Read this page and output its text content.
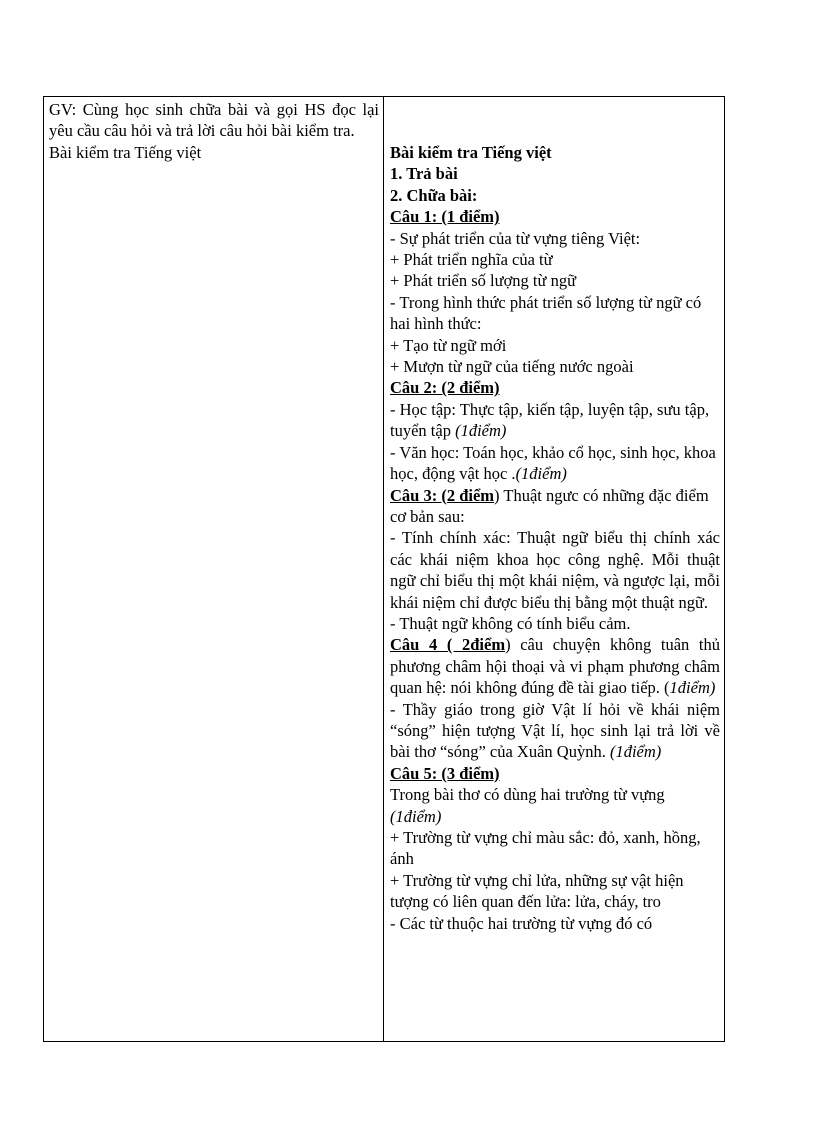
GV: Cùng học sinh chữa bài và gọi HS đọc lại yêu cầu câu hỏi và trả lời câu hỏi bài kiểm tra.

Bài kiểm tra Tiếng việt	Bài kiểm tra Tiếng việt

1. Trả bài

2. Chữa bài:

Câu 1: (1 điểm)

- Sự phát triển của từ vựng tiêng Việt:

+ Phát triển nghĩa của từ

+ Phát triển số lượng từ ngữ

- Trong hình thức phát triển số lượng từ ngữ có hai hình thức:

+ Tạo từ ngữ mới

+ Mượn từ ngữ của tiếng nước ngoài

Câu 2: (2 điểm)

- Học tập: Thực tập, kiến tập, luyện tập, sưu tập, tuyển tập (1điểm)

- Văn học: Toán học, khảo cổ học, sinh học, khoa học, động vật học .(1điểm)

Câu 3: (2 điểm) Thuật ngưc có những đặc điểm cơ bản sau:

- Tính chính xác: Thuật ngữ biểu thị chính xác các khái niệm khoa học công nghệ. Mỗi thuật ngữ chỉ biểu thị một khái niệm, và ngược lại, mỗi khái niệm chỉ được biểu thị bằng một thuật ngữ.

- Thuật ngữ không có tính biểu cảm.

Câu 4 ( 2điểm) câu chuyện không tuân thủ phương châm hội thoại và vi phạm phương châm quan hệ: nói không đúng đề tài giao tiếp. (1điểm)

- Thầy giáo trong giờ Vật lí hỏi về khái niệm “sóng” hiện tượng Vật lí, học sinh lại trả lời về bài thơ “sóng” của Xuân Quỳnh. (1điểm)

Câu 5: (3 điểm)

Trong bài thơ có dùng hai trường từ vựng (1điểm)

+ Trường từ vựng chỉ màu sắc: đỏ, xanh, hồng, ánh

+ Trường từ vựng chỉ lửa, những sự vật hiện tượng có liên quan đến lửa: lửa, cháy, tro

- Các từ thuộc hai trường từ vựng đó có
